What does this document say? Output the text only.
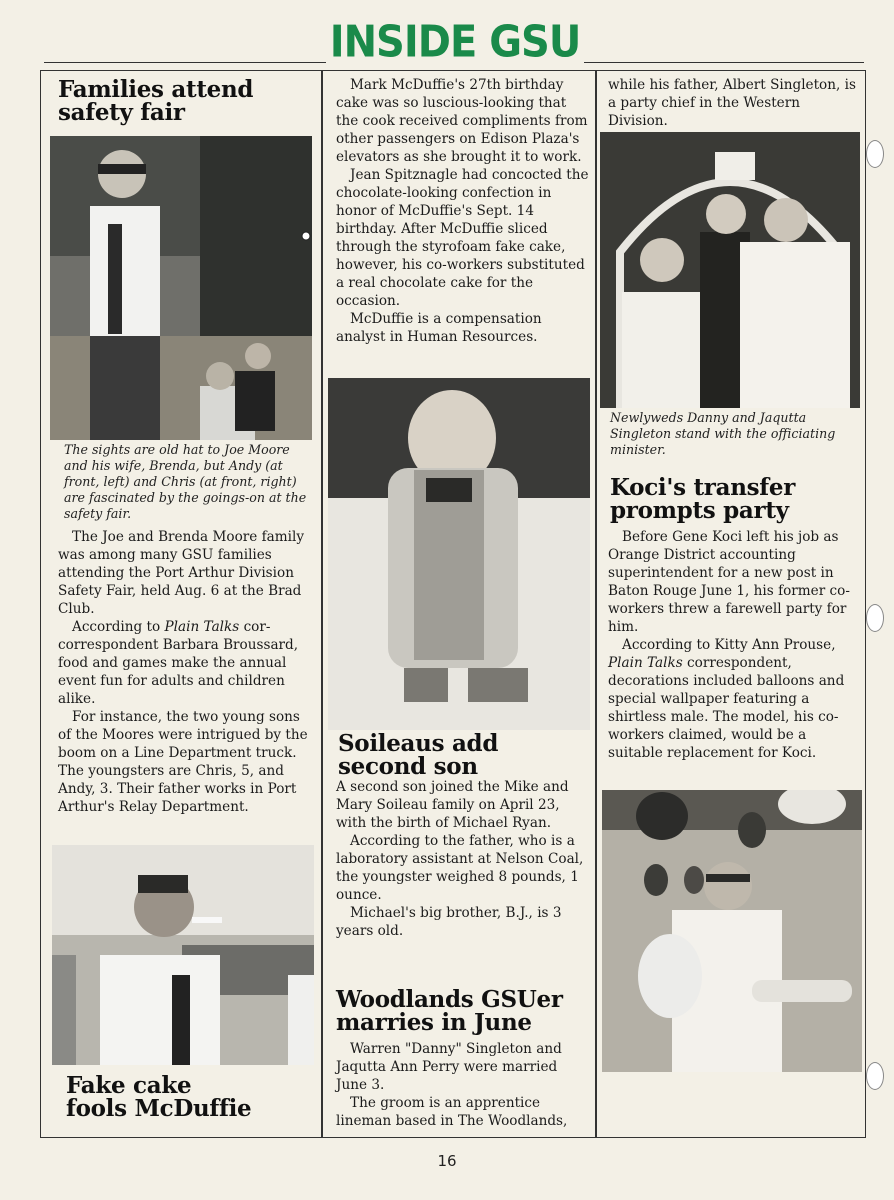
INSIDE GSU
Families attend
safety fair

The sights are old hat to Joe Moore and his wife, Brenda, but Andy (at front, left) and Chris (at front, right) are fascinated by the goings-on at the safety fair.

The Joe and Brenda Moore family was among many GSU families attending the Port Arthur Division Safety Fair, held Aug. 6 at the Brad Club.

According to Plain Talks cor- correspondent Barbara Broussard, food and games make the annual event fun for adults and children alike.

For instance, the two young sons of the Moores were intrigued by the boom on a Line Department truck. The youngsters are Chris, 5, and Andy, 3. Their father works in Port Arthur's Relay Department.

Fake cake
fools McDuffie

Mark McDuffie's 27th birthday cake was so luscious-looking that the cook received compliments from other passengers on Edison Plaza's elevators as she brought it to work.

Jean Spitznagle had concocted the chocolate-looking confection in honor of McDuffie's Sept. 14 birthday. After McDuffie sliced through the styrofoam fake cake, however, his co-workers substituted a real chocolate cake for the occasion.

McDuffie is a compensation analyst in Human Resources.

Soileaus add
second son

A second son joined the Mike and Mary Soileau family on April 23, with the birth of Michael Ryan.

According to the father, who is a laboratory assistant at Nelson Coal, the youngster weighed 8 pounds, 1 ounce.

Michael's big brother, B.J., is 3 years old.

Woodlands GSUer
marries in June

Warren "Danny" Singleton and Jaqutta Ann Perry were married June 3.

The groom is an apprentice lineman based in The Woodlands,

while his father, Albert Singleton, is a party chief in the Western Division.

Newlyweds Danny and Jaqutta Singleton stand with the officiating minister.

Koci's transfer
prompts party

Before Gene Koci left his job as Orange District accounting superintendent for a new post in Baton Rouge June 1, his former co-workers threw a farewell party for him.

According to Kitty Ann Prouse, Plain Talks correspondent, decorations included balloons and special wallpaper featuring a shirtless male. The model, his co-workers claimed, would be a suitable replacement for Koci.

16
